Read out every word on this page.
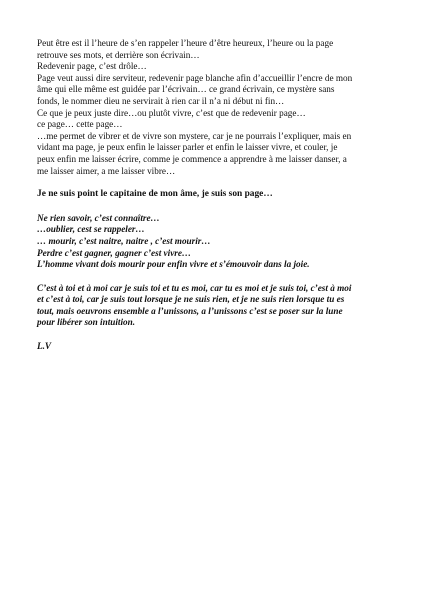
Peut être est il l’heure de s’en rappeler l’heure d’être heureux, l’heure ou la page

retrouve ses mots, et derrière son écrivain…

Redevenir page, c’est drôle…

Page veut aussi dire serviteur, redevenir page blanche afin d’accueillir l’encre de mon

âme qui elle même est guidée par l’écrivain… ce grand écrivain, ce mystère sans

fonds, le nommer dieu ne servirait à rien car il n’a ni début ni fin…

Ce que je peux juste dire…ou plutôt vivre, c’est que de redevenir page…

ce page… cette page…

…me permet de vibrer et de vivre son mystere, car je ne pourrais l’expliquer, mais en

vidant ma page, je peux enfin le laisser parler et enfin le laisser vivre, et couler, je

peux enfin me laisser écrire, comme je commence a apprendre à me laisser danser, a

me laisser aimer, a me laisser vibre…

Je ne suis point le capitaine de mon âme, je suis son page…

Ne rien savoir, c’est connaître…

…oublier, cest se rappeler…

… mourir, c’est naitre, naitre , c’est mourir…

Perdre c’est gagner, gagner c’est vivre…

L’homme vivant dois mourir pour enfin vivre et s’émouvoir dans la joie.

C’est à toi et à moi car je suis toi et tu es moi, car tu es moi et je suis toi, c’est à moi

et c’est à toi, car je suis tout lorsque je ne suis rien, et je ne suis rien lorsque tu es

tout, mais oeuvrons ensemble a l’unissons, a l’unissons c’est se poser sur la lune

pour libérer son intuition.

L.V
